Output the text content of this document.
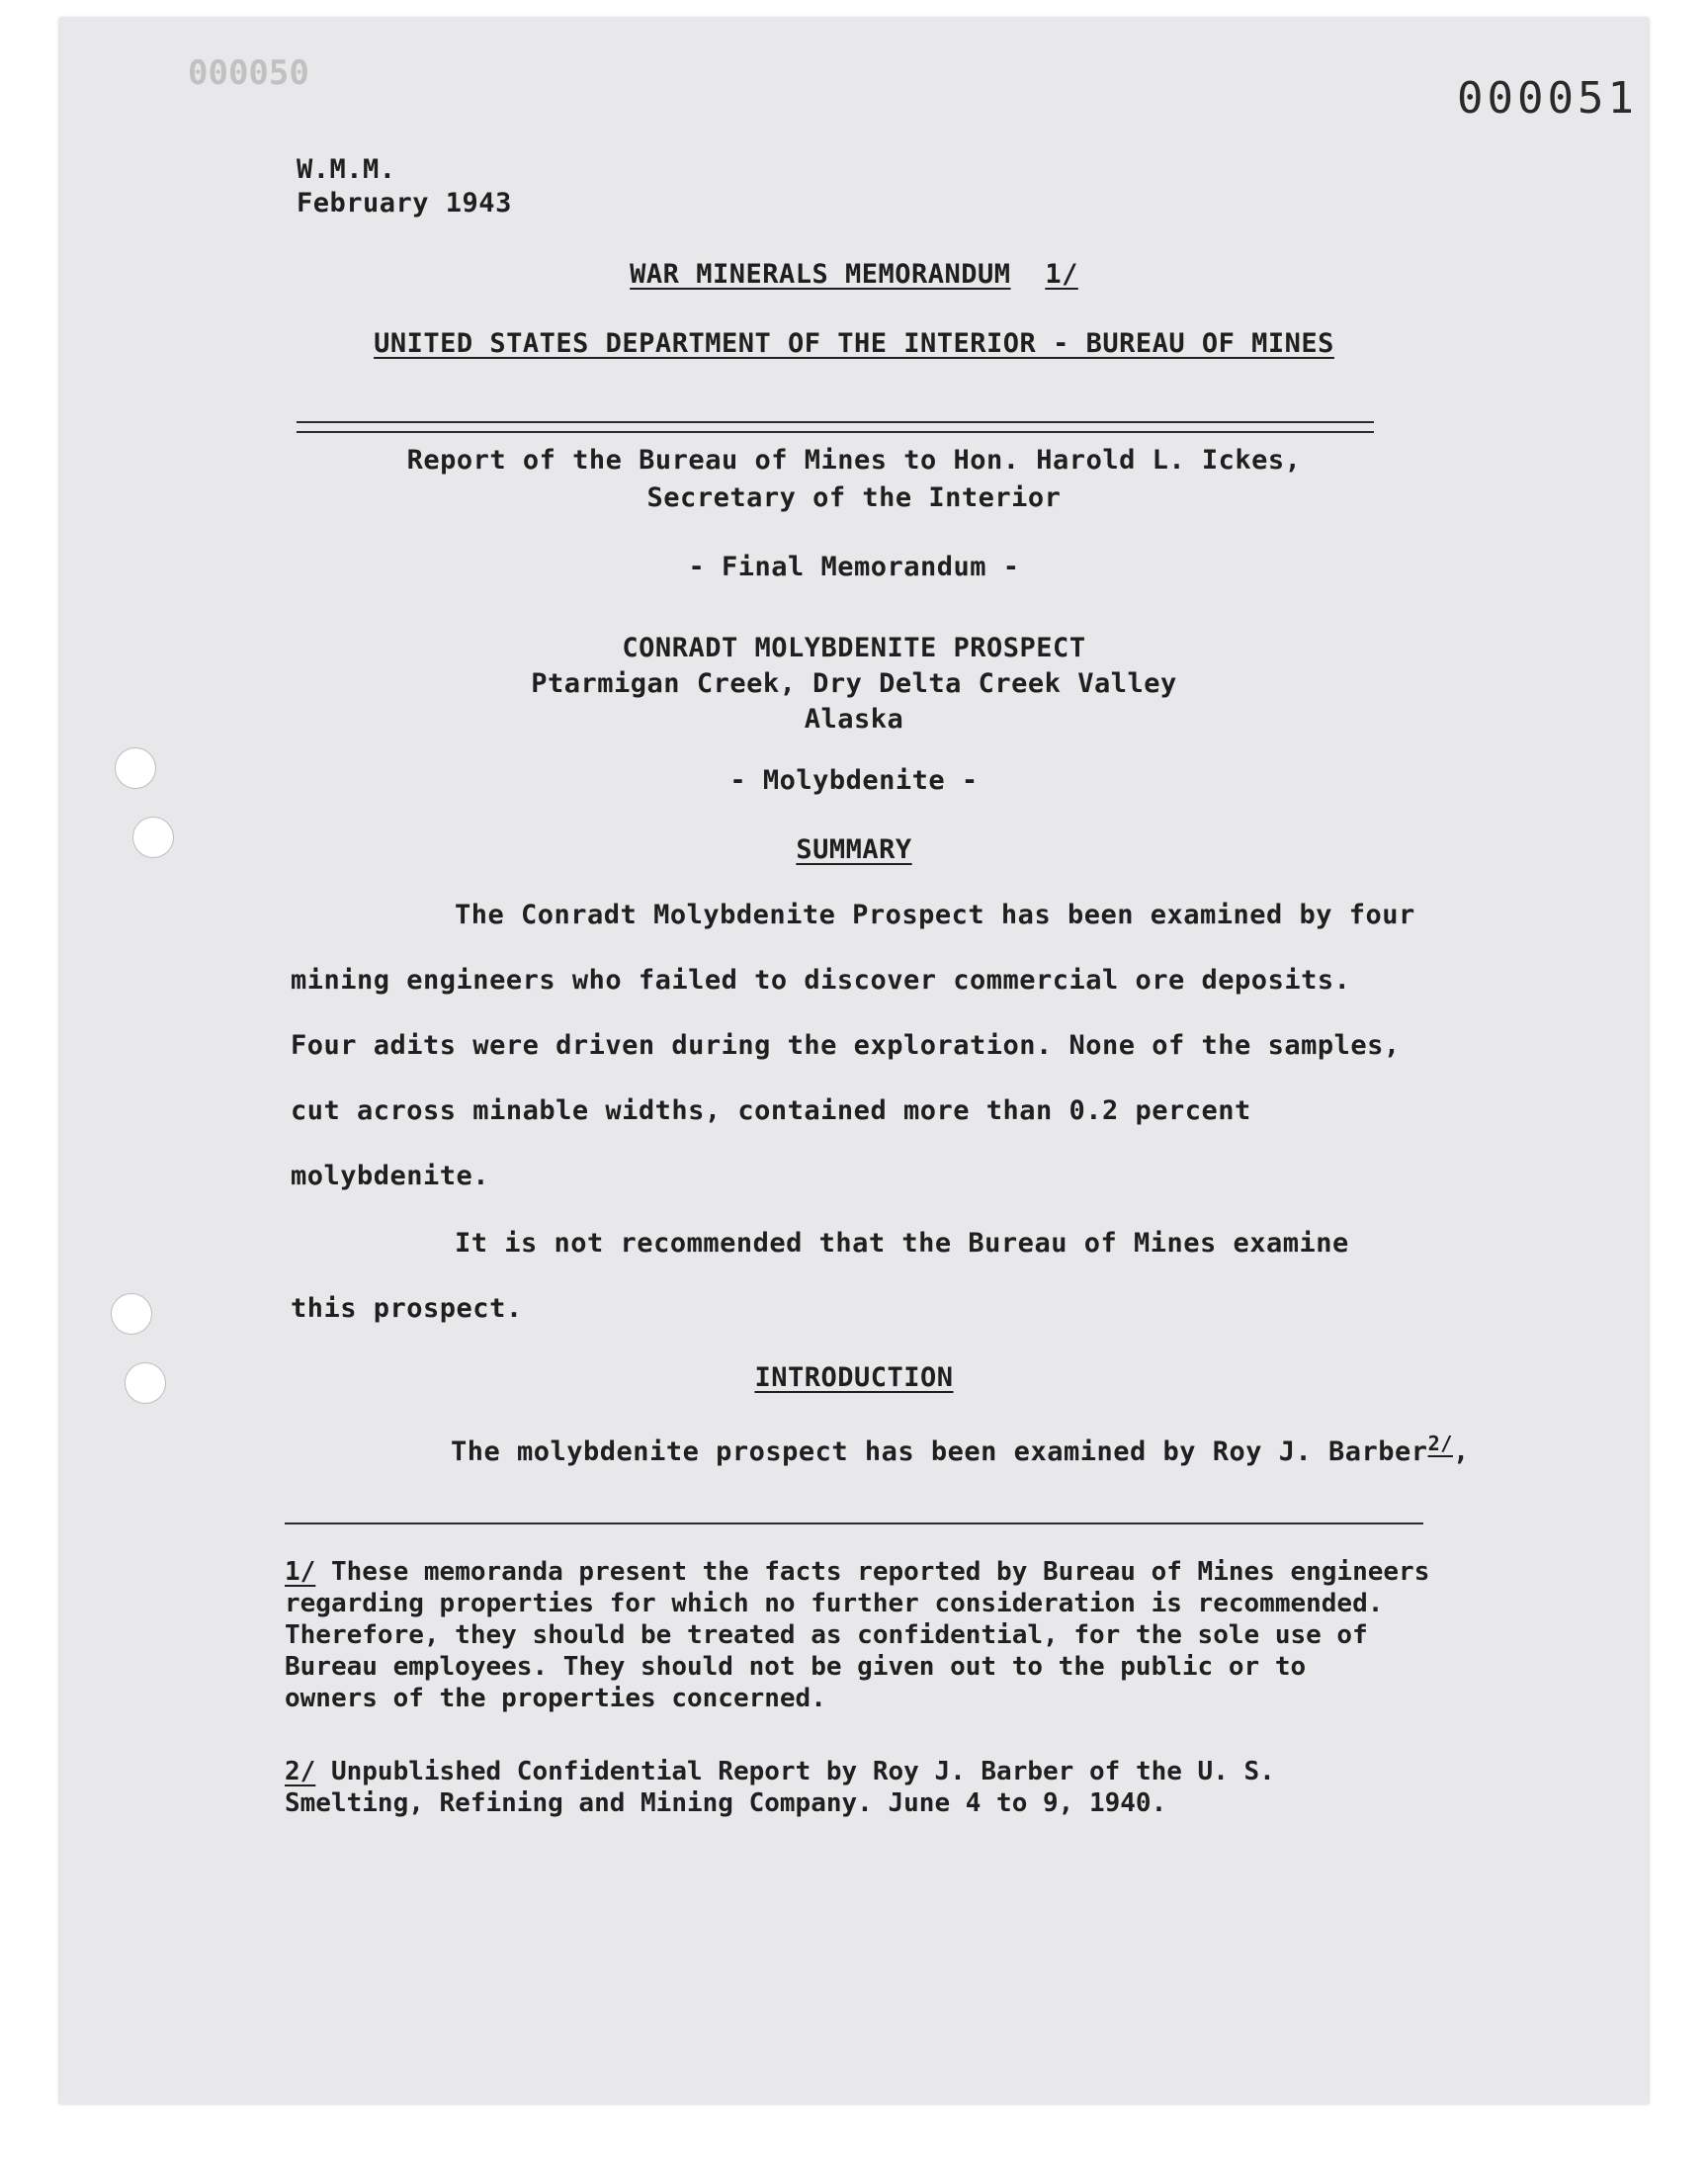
000050	000051
W.M.M.
February 1943
WAR MINERALS MEMORANDUM 1/
UNITED STATES DEPARTMENT OF THE INTERIOR - BUREAU OF MINES
Report of the Bureau of Mines to Hon. Harold L. Ickes,
Secretary of the Interior
- Final Memorandum -
CONRADT MOLYBDENITE PROSPECT
Ptarmigan Creek, Dry Delta Creek Valley
Alaska
- Molybdenite -
SUMMARY
The Conradt Molybdenite Prospect has been examined by four
mining engineers who failed to discover commercial ore deposits.
Four adits were driven during the exploration. None of the samples,
cut across minable widths, contained more than 0.2 percent
molybdenite.
It is not recommended that the Bureau of Mines examine
this prospect.
INTRODUCTION
The molybdenite prospect has been examined by Roy J. Barber$^{2/}$,
1/ These memoranda present the facts reported by Bureau of Mines engineers
regarding properties for which no further consideration is recommended.
Therefore, they should be treated as confidential, for the sole use of
Bureau employees. They should not be given out to the public or to
owners of the properties concerned.
2/ Unpublished Confidential Report by Roy J. Barber of the U. S.
Smelting, Refining and Mining Company. June 4 to 9, 1940.
